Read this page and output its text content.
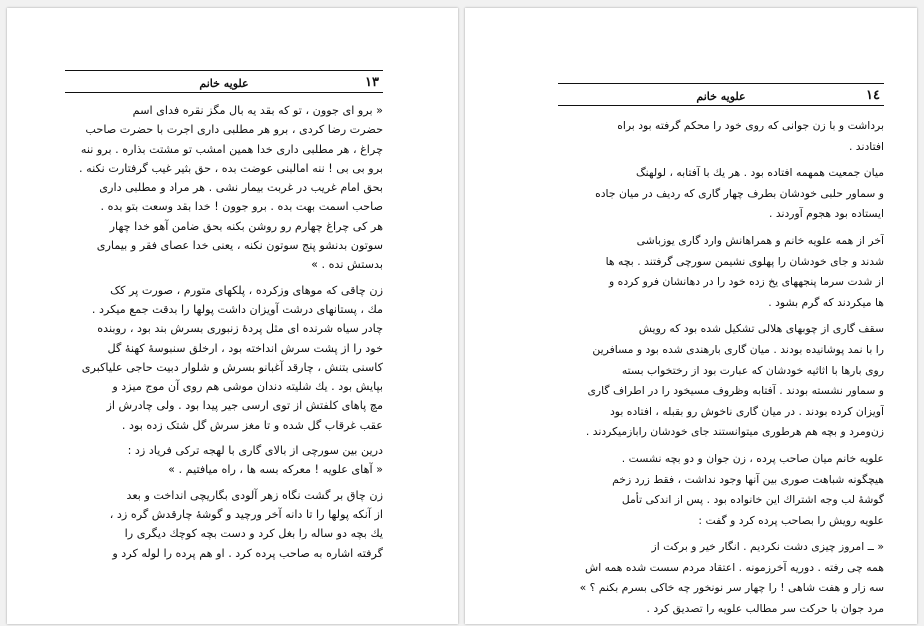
علویه خانم	۱۳
« برو ای جوون ، تو که بقد یه بال مگز نقره فدای اسم
حضرت رضا کردی ، برو هر مطلبی داری اجرت با حضرت صاحب
چراغ ، هر مطلبی داری خدا همین امشب تو مشتت بذاره . برو ننه
برو بی بی ! ننه امالبنی عوضت بده ، حق بثیر غیب گرفتارت نکنه .
بحق امام غریب در غربت بیمار نشی . هر مراد و مطلبی داری
صاحب اسمت بهت بده . برو جوون ! خدا بقد وسعت بتو بده .
هر کی چراغ چهارم رو روشن بکنه بحق ضامن آهو خدا چهار
سوتون بدنشو پنج سوتون نکنه ، یعنی خدا عصای فقر و بیماری
بدستش نده . »
زن چاقی که موهای وزکرده ، پلکهای متورم ، صورت پر کک
مك ، پستانهای درشت آویزان داشت پولها را بدقت جمع میکرد .
چادر سیاه شرنده ای مثل پردهٔ زنبوری بسرش بند بود ، روبنده
خود را از پشت سرش انداخته بود ، ارخلق سنبوسهٔ کهنهٔ گل
کاسنی بتنش ، چارقد آغبانو بسرش و شلوار دبیت حاجی علیاکبری
بپایش بود . یك شلیته دندان موشی هم روی آن موج میزد و
مچ پاهای کلفتش از توی ارسی جیر پیدا بود . ولی چادرش از
عقب غرقاب گل شده و تا مغز سرش گل شتک زده بود .
درین بین سورچی از بالای گاری با لهجه ترکی فریاد زد :
« آهای علویه ! معرکه بسه ها ، راه میافتیم . »
زن چاق بر گشت نگاه زهر آلودی بگاریچی انداخت و بعد
از آنکه پولها را تا دانه آخر ورچید و گوشهٔ چارقدش گره زد ،
یك بچه دو ساله را بغل کرد و دست بچه کوچك دیگری را
گرفته اشاره به صاحب پرده کرد . او هم پرده را لوله کرد و
علویه خانم	۱٤
برداشت و با زن جوانی که روی خود را محکم گرفته بود براه
افتادند .
میان جمعیت همهمه افتاده بود . هر یك با آفتابه ، لولهنگ
و سماور حلبی خودشان بطرف چهار گاری که ردیف در میان جاده
ایستاده بود هجوم آوردند .
آخر از همه علویه خانم و همراهانش وارد گاری یوزباشی
شدند و جای خودشان را پهلوی نشیمن سورچی گرفتند . بچه ها
از شدت سرما پنجههای یخ زده خود را در دهانشان فرو کرده و
ها میکردند که گرم بشود .
سقف گاری از چوبهای هلالی تشکیل شده بود که رویش
را با نمد پوشانیده بودند . میان گاری بارهندی شده بود و مسافرین
روی بارها با اثاثیه خودشان که عبارت بود از رختخواب بسته
و سماور نشسته بودند . آفتابه وظروف مسیخود را در اطراف گاری
آویزان کرده بودند . در میان گاری ناخوش رو بقبله ، افتاده بود
زن‌ومرد و بچه هم هرطوری میتوانستند جای خودشان رابازمیکردند .
علویه خانم میان صاحب پرده ، زن جوان و دو بچه نشست .
هیچگونه شباهت صوری بین آنها وجود نداشت ، فقط زرد زخم
گوشهٔ لب وجه اشتراك این خانواده بود . پس از اندکی تأمل
علویه رویش را بصاحب پرده کرد و گفت :
« ــ امروز چیزی دشت نکردیم . انگار خیر و برکت از
همه چی رفته . دوریه آخرزمونه . اعتقاد مردم سست شده همه اش
سه زار و هفت شاهی ! را چهار سر نونخور چه خاکی بسرم بکنم ؟ »
مرد جوان با حرکت سر مطالب علویه را تصدیق کرد .
